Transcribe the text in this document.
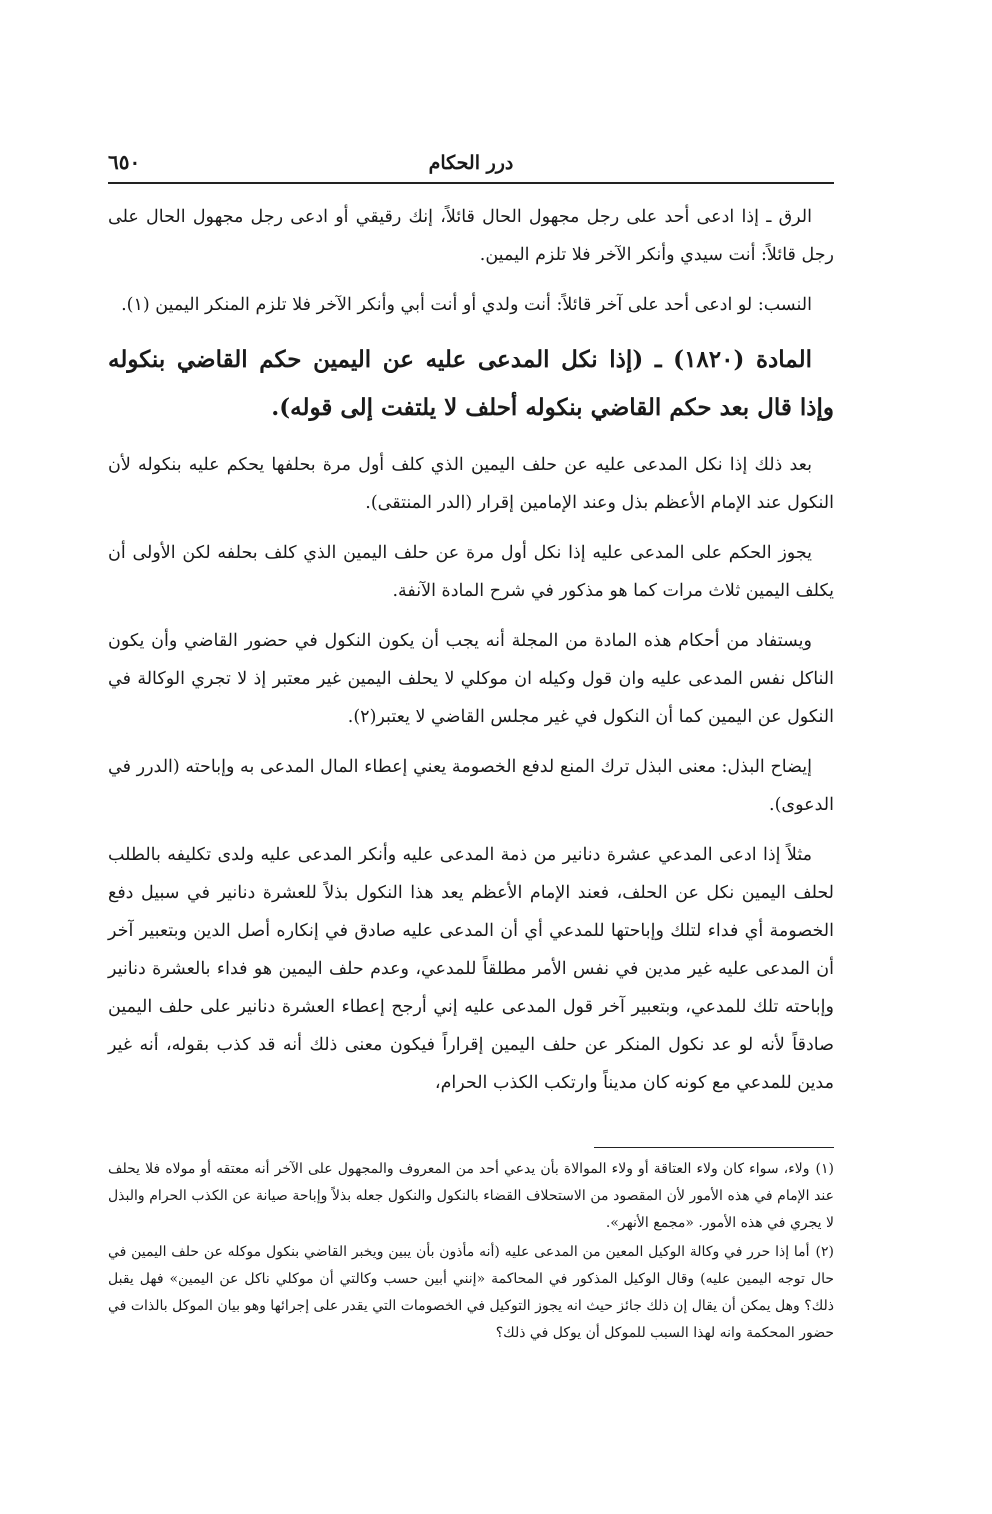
٦٥٠	درر الحكام

الرق ـ إذا ادعى أحد على رجل مجهول الحال قائلاً، إنك رقيقي أو ادعى رجل مجهول الحال على رجل قائلاً: أنت سيدي وأنكر الآخر فلا تلزم اليمين.

النسب: لو ادعى أحد على آخر قائلاً: أنت ولدي أو أنت أبي وأنكر الآخر فلا تلزم المنكر اليمين (١).

المادة (١٨٢٠) ـ (إذا نكل المدعى عليه عن اليمين حكم القاضي بنكوله وإذا قال بعد حكم القاضي بنكوله أحلف لا يلتفت إلى قوله).

بعد ذلك إذا نكل المدعى عليه عن حلف اليمين الذي كلف أول مرة بحلفها يحكم عليه بنكوله لأن النكول عند الإمام الأعظم بذل وعند الإمامين إقرار (الدر المنتقى).

يجوز الحكم على المدعى عليه إذا نكل أول مرة عن حلف اليمين الذي كلف بحلفه لكن الأولى أن يكلف اليمين ثلاث مرات كما هو مذكور في شرح المادة الآنفة.

ويستفاد من أحكام هذه المادة من المجلة أنه يجب أن يكون النكول في حضور القاضي وأن يكون الناكل نفس المدعى عليه وان قول وكيله ان موكلي لا يحلف اليمين غير معتبر إذ لا تجري الوكالة في النكول عن اليمين كما أن النكول في غير مجلس القاضي لا يعتبر(٢).

إيضاح البذل: معنى البذل ترك المنع لدفع الخصومة يعني إعطاء المال المدعى به وإباحته (الدرر في الدعوى).

مثلاً إذا ادعى المدعي عشرة دنانير من ذمة المدعى عليه وأنكر المدعى عليه ولدى تكليفه بالطلب لحلف اليمين نكل عن الحلف، فعند الإمام الأعظم يعد هذا النكول بذلاً للعشرة دنانير في سبيل دفع الخصومة أي فداء لتلك وإباحتها للمدعي أي أن المدعى عليه صادق في إنكاره أصل الدين وبتعبير آخر أن المدعى عليه غير مدين في نفس الأمر مطلقاً للمدعي، وعدم حلف اليمين هو فداء بالعشرة دنانير وإباحته تلك للمدعي، وبتعبير آخر قول المدعى عليه إني أرجح إعطاء العشرة دنانير على حلف اليمين صادقاً لأنه لو عد نكول المنكر عن حلف اليمين إقراراً فيكون معنى ذلك أنه قد كذب بقوله، أنه غير مدين للمدعي مع كونه كان مديناً وارتكب الكذب الحرام،

(١)ولاء، سواء كان ولاء العتاقة أو ولاء الموالاة بأن يدعي أحد من المعروف والمجهول على الآخر أنه معتقه أو مولاه فلا يحلف عند الإمام في هذه الأمور لأن المقصود من الاستحلاف القضاء بالنكول والنكول جعله بذلاً وإباحة صيانة عن الكذب الحرام والبذل لا يجري في هذه الأمور. «مجمع الأنهر».

(٢)أما إذا حرر في وكالة الوكيل المعين من المدعى عليه (أنه مأذون بأن يبين ويخبر القاضي بنكول موكله عن حلف اليمين في حال توجه اليمين عليه) وقال الوكيل المذكور في المحاكمة «إنني أبين حسب وكالتي أن موكلي ناكل عن اليمين» فهل يقبل ذلك؟ وهل يمكن أن يقال إن ذلك جائز حيث انه يجوز التوكيل في الخصومات التي يقدر على إجرائها وهو بيان الموكل بالذات في حضور المحكمة وانه لهذا السبب للموكل أن يوكل في ذلك؟
